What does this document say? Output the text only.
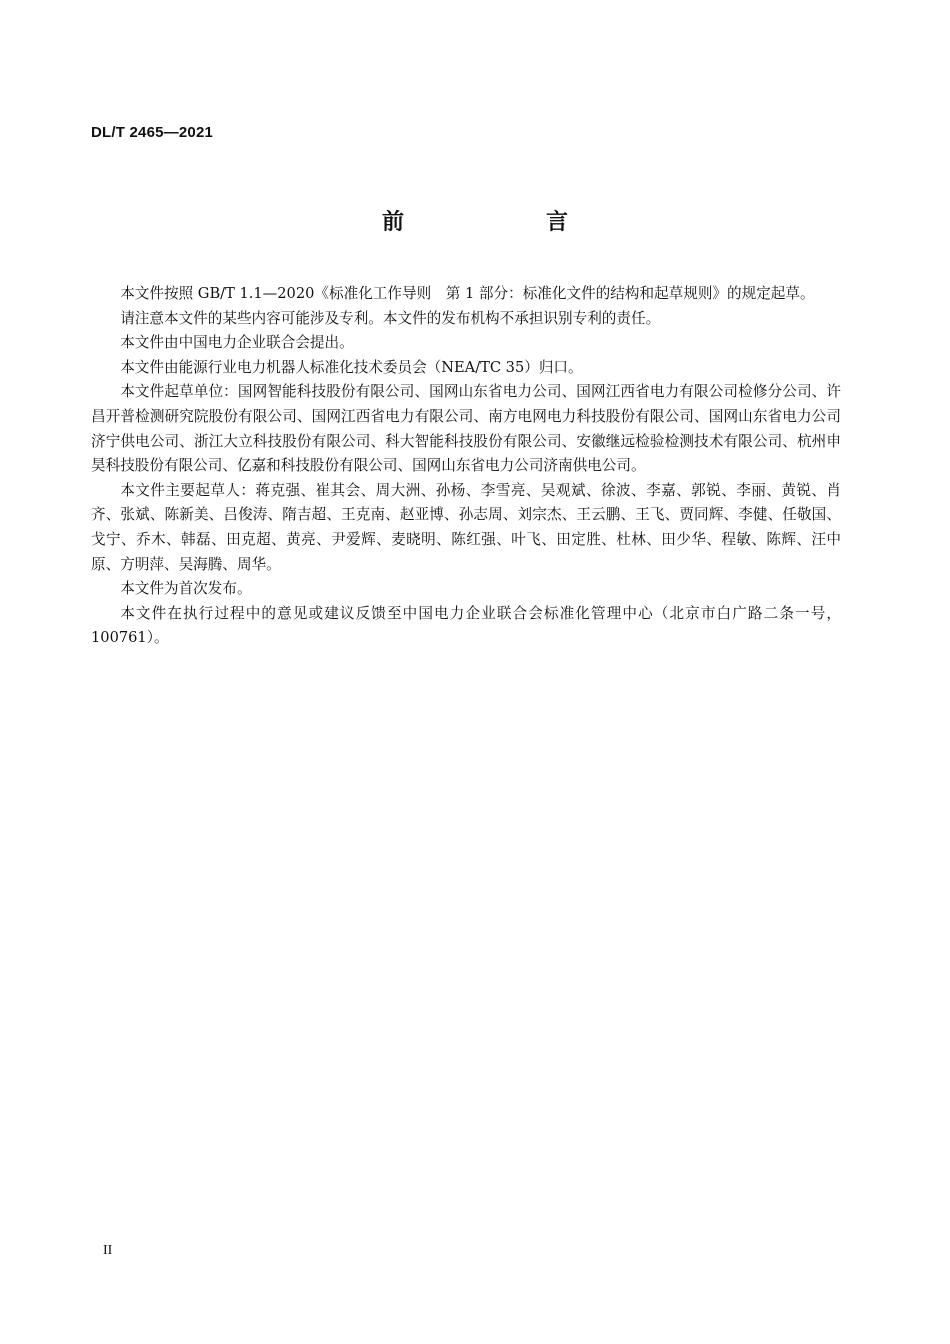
DL/T 2465—2021
前　言

本文件按照 GB/T 1.1—2020《标准化工作导则　第 1 部分：标准化文件的结构和起草规则》的规定起草。

请注意本文件的某些内容可能涉及专利。本文件的发布机构不承担识别专利的责任。

本文件由中国电力企业联合会提出。

本文件由能源行业电力机器人标准化技术委员会（NEA/TC 35）归口。

本文件起草单位：国网智能科技股份有限公司、国网山东省电力公司、国网江西省电力有限公司检修分公司、许昌开普检测研究院股份有限公司、国网江西省电力有限公司、南方电网电力科技股份有限公司、国网山东省电力公司济宁供电公司、浙江大立科技股份有限公司、科大智能科技股份有限公司、安徽继远检验检测技术有限公司、杭州申昊科技股份有限公司、亿嘉和科技股份有限公司、国网山东省电力公司济南供电公司。

本文件主要起草人：蒋克强、崔其会、周大洲、孙杨、李雪亮、吴观斌、徐波、李嘉、郭锐、李丽、黄锐、肖齐、张斌、陈新美、吕俊涛、隋吉超、王克南、赵亚博、孙志周、刘宗杰、王云鹏、王飞、贾同辉、李健、任敬国、戈宁、乔木、韩磊、田克超、黄亮、尹爱辉、麦晓明、陈红强、叶飞、田定胜、杜林、田少华、程敏、陈辉、汪中原、方明萍、吴海腾、周华。

本文件为首次发布。

本文件在执行过程中的意见或建议反馈至中国电力企业联合会标准化管理中心（北京市白广路二条一号，100761）。

II
